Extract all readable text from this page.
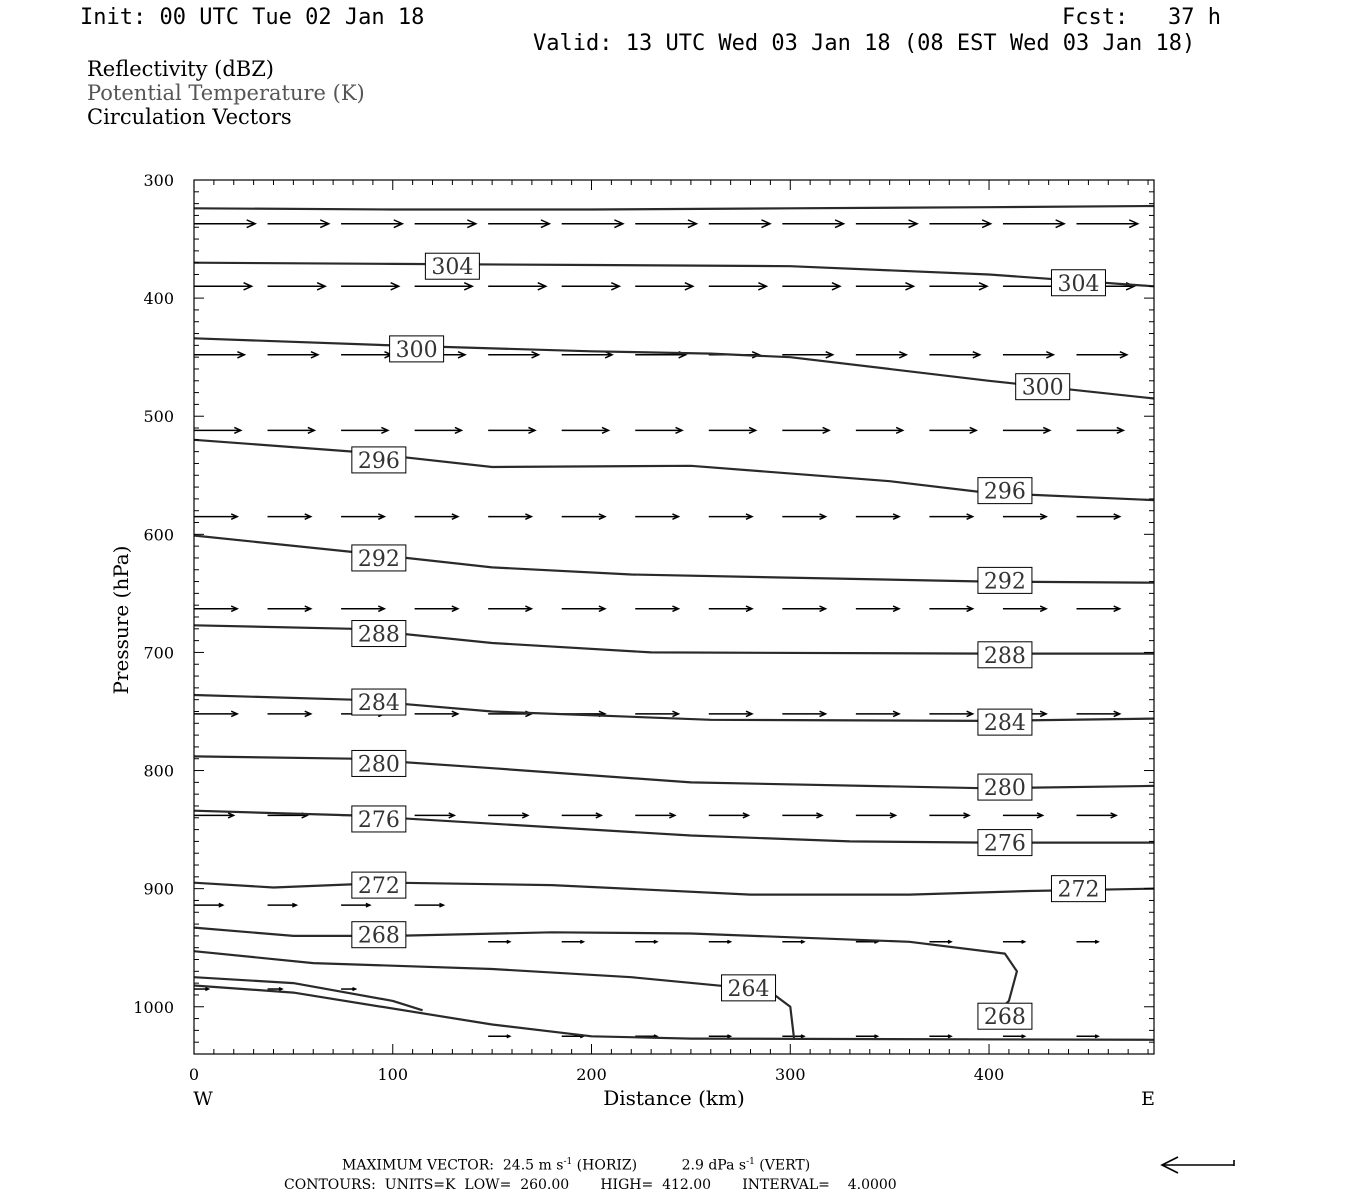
Init: 00 UTC Tue 02 Jan 18	Fcst:   37 h
Valid: 13 UTC Wed 03 Jan 18 (08 EST Wed 03 Jan 18)
Reflectivity (dBZ)
Potential Temperature (K)
Circulation Vectors
304
304
300
300
296
296
292
292
288
288
284
284
280
280
276
276
272	272
268
268
264
300
400
500
600
700
800
900
1000
0	100	200	300	400
Pressure (hPa)
Distance (km)
W	E
MAXIMUM VECTOR: 24.5 m $s^{-1}$ (HORIZ)	2.9 dPa $s^{-1}$ (VERT)
CONTOURS:  UNITS=K  LOW=  260.00       HIGH=  412.00       INTERVAL=    4.0000
